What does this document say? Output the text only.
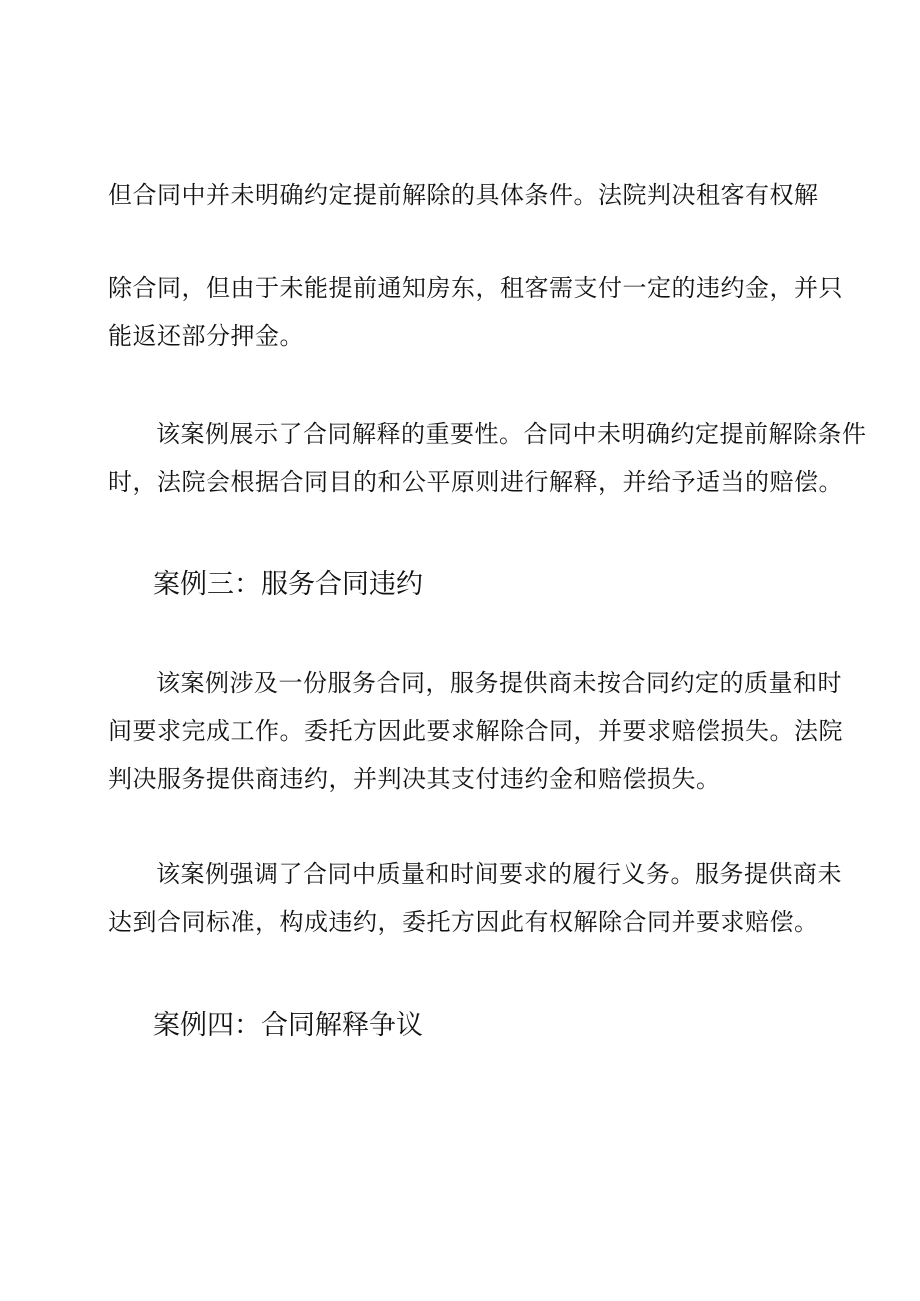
但合同中并未明确约定提前解除的具体条件。法院判决租客有权解
除合同，但由于未能提前通知房东，租客需支付一定的违约金，并只
能返还部分押金。
该案例展示了合同解释的重要性。合同中未明确约定提前解除条件
时，法院会根据合同目的和公平原则进行解释，并给予适当的赔偿。
案例三：服务合同违约
该案例涉及一份服务合同，服务提供商未按合同约定的质量和时
间要求完成工作。委托方因此要求解除合同，并要求赔偿损失。法院
判决服务提供商违约，并判决其支付违约金和赔偿损失。
该案例强调了合同中质量和时间要求的履行义务。服务提供商未
达到合同标准，构成违约，委托方因此有权解除合同并要求赔偿。
案例四：合同解释争议
